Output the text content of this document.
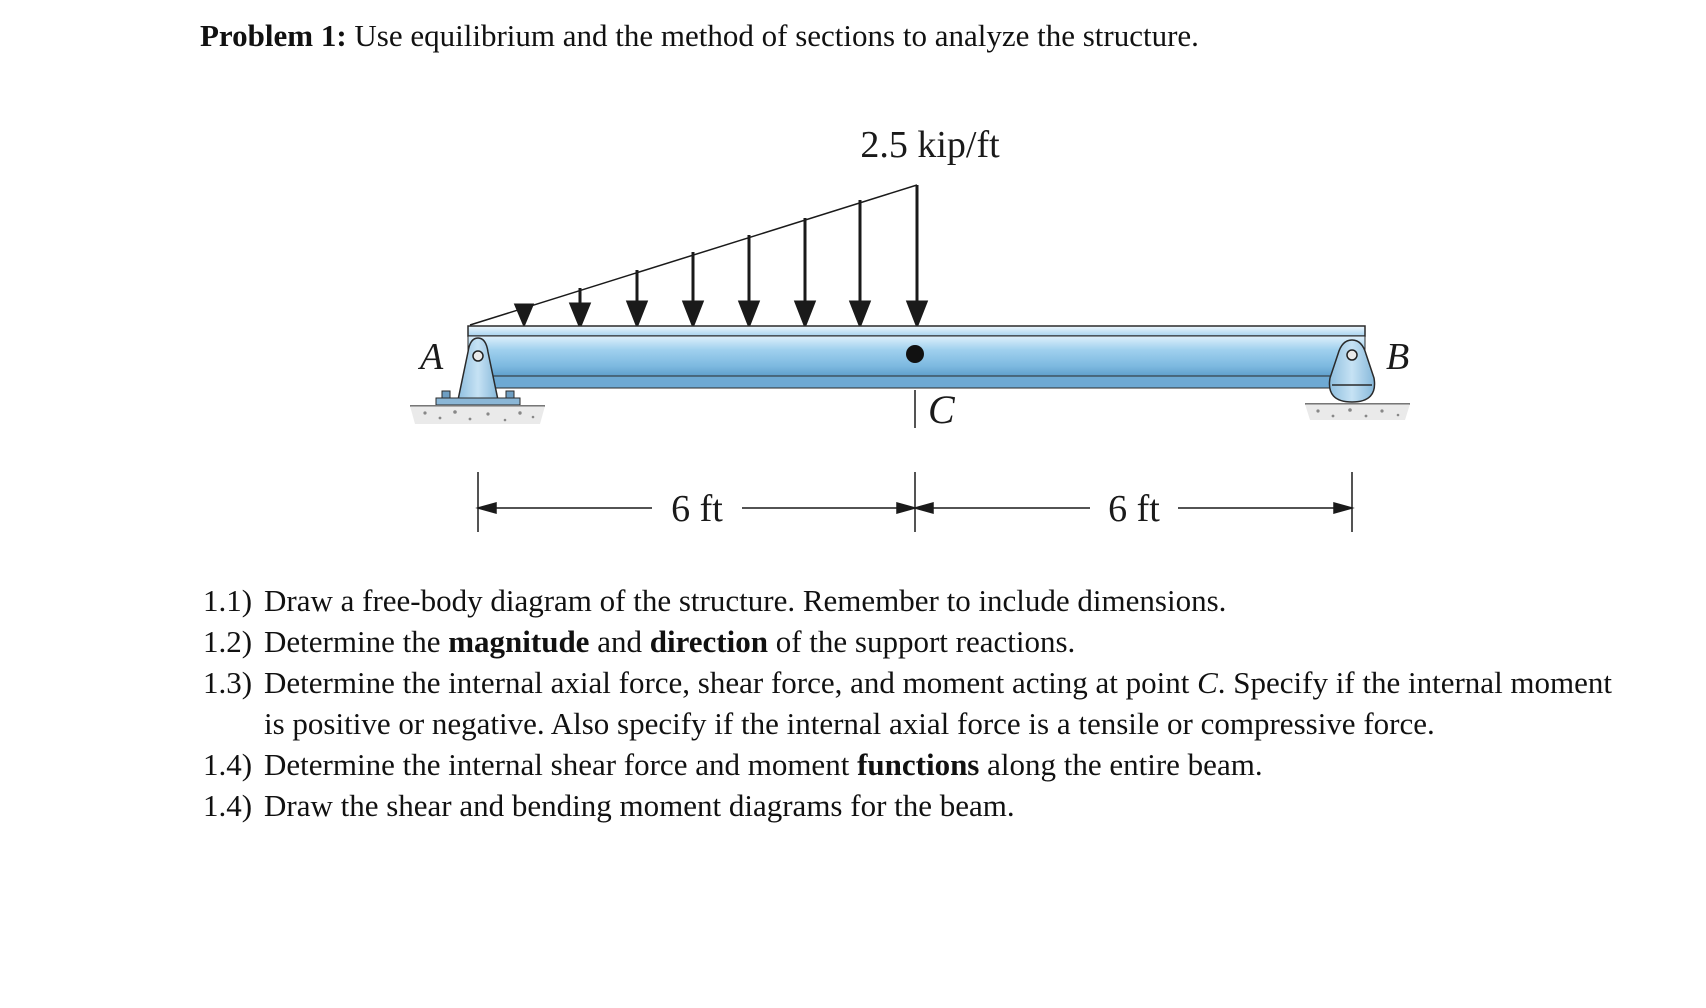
Problem 1: Use equilibrium and the method of sections to analyze the structure.
2.5 kip/ft
C
A	B
6 ft	6 ft
1.1) Draw a free-body diagram of the structure. Remember to include dimensions.
1.2) Determine the magnitude and direction of the support reactions.
1.3) Determine the internal axial force, shear force, and moment acting at point C. Specify if the internal moment is positive or negative. Also specify if the internal axial force is a tensile or compressive force.
1.4) Determine the internal shear force and moment functions along the entire beam.
1.4) Draw the shear and bending moment diagrams for the beam.
